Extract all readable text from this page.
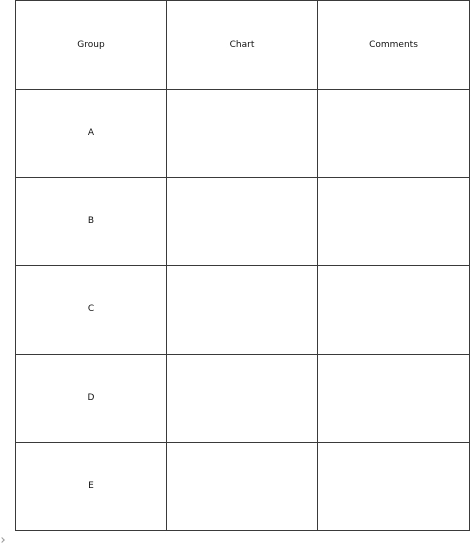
Group	Chart	Comments
A		
B		
C		
D		
E		
